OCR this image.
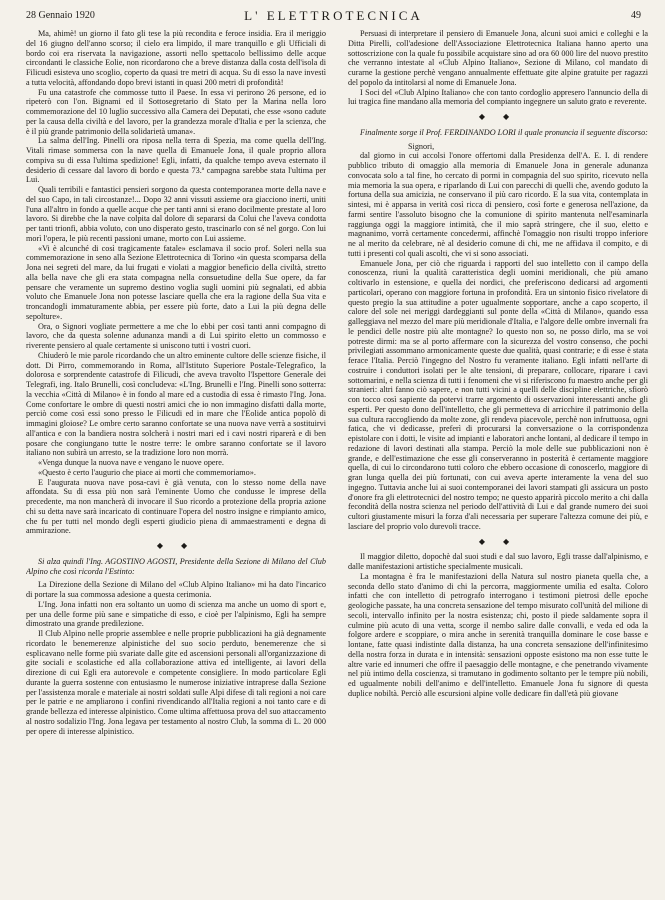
28 Gennaio 1920	L' ELETTROTECNICA	49

Ma, ahimè! un giorno il fato gli tese la più recondita e feroce insidia. Era il meriggio del 16 giugno dell'anno scorso; il cielo era limpido, il mare tranquillo e gli Ufficiali di bordo coi era riservata la navigazione, assorti nello spettacolo bellissimo delle acque circondanti le classiche Eolie, non ricordarono che a breve distanza dalla costa dell'isola di Filicudi esisteva uno scoglio, coperto da quasi tre metri di acqua. Su di esso la nave investì a tutta velocità, affondando dopo brevi istanti in quasi 200 metri di profondità!

Fu una catastrofe che commosse tutto il Paese. In essa vi perirono 26 persone, ed io ripeterò con l'on. Bignami ed il Sottosegretario di Stato per la Marina nella loro commemorazione del 10 luglio successivo alla Camera dei Deputati, che esse «sono cadute per la causa della civiltà e del lavoro, per la grandezza morale d'Italia e per la scienza, che è il più grande patrimonio della solidarietà umana».

La salma dell'Ing. Pinelli ora riposa nella terra di Spezia, ma come quella dell'Ing. Vitali rimase sommersa con la nave quella di Emanuele Jona, il quale proprio allora compiva su di essa l'ultima spedizione! Egli, infatti, da qualche tempo aveva esternato il desiderio di cessare dal lavoro di bordo e questa 73.ª campagna sarebbe stata l'ultima per Lui.

Quali terribili e fantastici pensieri sorgono da questa contemporanea morte della nave e del suo Capo, in tali circostanze!... Dopo 32 anni vissuti assieme ora giacciono inerti, uniti l'una all'altro in fondo a quelle acque che per tanti anni si erano docilmente prestate al loro lavoro. Si direbbe che la nave colpita dal dolore di separarsi da Colui che l'aveva condotta per tanti trionfi, abbia voluto, con uno disperato gesto, trascinarlo con sé nel gorgo. Con lui morì l'opera, le più recenti passioni umane, morto con Lui assieme.

«Vi è alcunché di così tragicamente fatale» esclamava il socio prof. Soleri nella sua commemorazione in seno alla Sezione Elettrotecnica di Torino «in questa scomparsa della Jona nei segreti del mare, da lui frugati e violati a maggior beneficio della civiltà, stretto alla bella nave che gli era stata compagna nella consuetudine della Sue opere, da far pensare che veramente un supremo destino voglia sugli uomini più segnalati, ed abbia voluto che Emanuele Jona non potesse lasciare quella che era la ragione della Sua vita e troncandogli immaturamente abbia, per essere più forte, dato a Lui la più degna delle sepolture».

Ora, o Signori vogliate permettere a me che lo ebbi per così tanti anni compagno di lavoro, che da questa solenne adunanza mandi a di Lui spirito eletto un commosso e riverente pensiero al quale certamente si uniscono tutti i vostri cuori.

Chiuderò le mie parole ricordando che un altro eminente cultore delle scienze fisiche, il dott. Di Pirro, commemorando in Roma, all'Istituto Superiore Postale-Telegrafico, la dolorosa e sorprendente catastrofe di Filicudi, che aveva travolto l'Ispettore Generale dei Telegrafi, ing. Italo Brunelli, così concludeva: «L'Ing. Brunelli e l'Ing. Pinelli sono sotterra: la vecchia «Città di Milano» è in fondo al mare ed a custodia di essa è rimasto l'Ing. Jona. Come confortare le ombre di questi nostri amici che io non immagino disfatti dalla morte, perciò come così essi sono presso le Filicudi ed in mare che l'Eolide antica popolò di immagini gloiose? Le ombre certo saranno confortate se una nuova nave verrà a sostituirvi all'antica e con la bandiera nostra solcherà i nostri mari ed i cavi nostri riparerà e di ben posare che congiungano tutte le nostre terre: le ombre saranno confortate se il lavoro italiano non subirà un arresto, se la tradizione loro non morrà.

«Venga dunque la nuova nave e vengano le nuove opere.

«Questo è certo l'augurio che piace ai morti che commemoriamo».

E l'augurata nuova nave posa-cavi è già venuta, con lo stesso nome della nave affondata. Su di essa più non sarà l'eminente Uomo che condusse le imprese della precedente, ma non mancherà di invocare il Suo ricordo a protezione della propria azione chi su detta nave sarà incaricato di continuare l'opera del nostro insigne e rimpianto amico, che fu per tutti nel mondo degli esperti giudicio piena di ammaestramenti e degna di ammirazione.

◆ ◆

Si alza quindi l'Ing. AGOSTINO AGOSTI, Presidente della Sezione di Milano del Club Alpino che così ricorda l'Estinto:

La Direzione della Sezione di Milano del «Club Alpino Italiano» mi ha dato l'incarico di portare la sua commossa adesione a questa cerimonia.

L'Ing. Jona infatti non era soltanto un uomo di scienza ma anche un uomo di sport e, per una delle forme più sane e simpatiche di esso, e cioè per l'alpinismo, Egli ha sempre dimostrato una grande predilezione.

Il Club Alpino nelle proprie assemblee e nelle proprie pubblicazioni ha già degnamente ricordato le benemerenze alpinistiche del suo socio perduto, benemerenze che si esplicavano nelle forme più svariate dalle gite ed ascensioni personali all'organizzazione di gite sociali e scolastiche ed alla collaborazione attiva ed intelligente, ai lavori della direzione di cui Egli era autorevole e competente consigliere. In modo particolare Egli durante la guerra sostenne con entusiasmo le numerose iniziative intraprese dalla Sezione per l'assistenza morale e materiale ai nostri soldati sulle Alpi difese di tali regioni a noi care per le patrie e ne ampliarono i confini rivendicando all'Italia regioni a noi tanto care e di grande bellezza ed interesse alpinistico. Come ultima affettuosa prova del suo attaccamento al nostro sodalizio l'Ing. Jona legava per testamento al nostro Club, la somma di L. 20 000 per opere di interesse alpinistico.

Persuasi di interpretare il pensiero di Emanuele Jona, alcuni suoi amici e colleghi e la Ditta Pirelli, coll'adesione dell'Associazione Elettrotecnica Italiana hanno aperto una sottoscrizione con la quale fu possibile acquistare sino ad ora 60 000 lire del nuovo prestito che verranno intestate al «Club Alpino Italiano», Sezione di Milano, col mandato di curarne la gestione perchè vengano annualmente effettuate gite alpine gratuite per ragazzi del popolo da intitolarsi al nome di Emanuele Jona.

I Soci del «Club Alpino Italiano» che con tanto cordoglio appresero l'annuncio della di lui tragica fine mandano alla memoria del compianto ingegnere un saluto grato e reverente.

◆ ◆

Finalmente sorge il Prof. FERDINANDO LORI il quale pronuncia il seguente discorso:

Signori,

dal giorno in cui accolsi l'onore offertomi dalla Presidenza dell'A. E. I. di rendere pubblico tributo di omaggio alla memoria di Emanuele Jona in generale adunanza convocata solo a tal fine, ho cercato di pormi in compagnia del suo spirito, ricevuto nella mia memoria la sua opera, e riparlando di Lui con parecchi di quelli che, avendo goduto la fortuna della sua amicizia, ne conservano il più caro ricordo. E la sua vita, contemplata in sintesi, mi è apparsa in verità così ricca di pensiero, così forte e generosa nell'azione, da farmi sentire l'assoluto bisogno che la comunione di spirito mantenuta nell'esaminarla raggiunga oggi la maggiore intimità, che il mio saprà stringere, che il suo, eletto e magnanimo, vorrà certamente concedermi, affinchè l'omaggio non risulti troppo inferiore ne al merito da celebrare, nè al desiderio comune di chi, me ne affidava il compito, e di tutti i presenti col quali ascolti, che vi si sono associati.

Emanuele Jona, per ciò che riguarda i rapporti del suo intelletto con il campo della conoscenza, riunì la qualità caratteristica degli uomini meridionali, che più amano coltivarlo in estensione, e quella dei nordici, che preferiscono dedicarsi ad argomenti particolari, operano con maggiore fortuna in profondità. Era un sintonio fisico rivelatore di questo pregio la sua attitudine a poter ugualmente sopportare, anche a capo scoperto, il calore del sole nei meriggi dardeggianti sul ponte della «Città di Milano», quando essa galleggiava nel mezzo del mare più meridionale d'Italia, e l'algore delle ombre invernali fra le pendici delle nostre più alte montagne? Io questo non so, ne posso dirlo, ma se voi potreste dirmi: ma se al porto affermare con la sicurezza del vostro consenso, che pochi privilegiati assommano armonicamente queste due qualità, quasi contrarie; e di esse è stata ferace l'Italia. Perciò l'ingegno del Nostro fu veramente italiano. Egli infatti nell'arte di costruire i conduttori isolati per le alte tensioni, di preparare, collocare, riparare i cavi sottomarini, e nella scienza di tutti i fenomeni che vi si riferiscono fu maestro anche per gli stranieri: altri fanno ciò sapere, e non tutti vicini a quelli delle discipline elettriche, sfiorò con tocco così sapiente da potervi trarre argomento di osservazioni interessanti anche gli esperti. Per questo dono dell'intelletto, che gli permetteva di arricchire il patrimonio della sua cultura raccogliendo da molte zone, gli rendeva piacevole, perchè non infruttuosa, ogni fatica, che vi dedicasse, preferì di procurarsi la conversazione o la corrispondenza epistolare con i dotti, le visite ad impianti e laboratori anche lontani, al dedicare il tempo in redazione di lavori destinati alla stampa. Perciò la mole delle sue pubblicazioni non è grande, e dell'estimazione che esse gli conserveranno in posterità è certamente maggiore quella, di cui lo circondarono tutti coloro che ebbero occasione di conoscerlo, maggiore di gran lunga quella dei più fortunati, con cui aveva aperte interamente la vena del suo ingegno. Tuttavia anche lui ai suoi contemporanei dei lavori stampati gli assicura un posto d'onore fra gli elettrotecnici del nostro tempo; ne questo apparirà piccolo merito a chi dalla fecondità della nostra scienza nel periodo dell'attività di Lui e dal grande numero dei suoi cultori giustamente misuri la forza d'ali necessaria per superare l'altezza comune dei più, e lasciare del proprio volo durevoli tracce.

◆ ◆

Il maggior diletto, dopochè dal suoi studi e dal suo lavoro, Egli trasse dall'alpinismo, e dalle manifestazioni artistiche specialmente musicali.

La montagna è fra le manifestazioni della Natura sul nostro pianeta quella che, a seconda dello stato d'animo di chi la percorra, maggiormente umilia ed esalta. Coloro infatti che con intelletto di petrografo interrogano i testimoni pietrosi delle epoche geologiche passate, ha una concreta sensazione del tempo misurato coll'unità del milione di secoli, intervallo infinito per la nostra esistenza; chi, posto il piede saldamente sopra il culmine più acuto di una vetta, scorge il nembo salire dalle convalli, e veda ed oda la folgore ardere e scoppiare, o mira anche in serenità tranquilla dominare le cose basse e lontane, fatte quasi indistinte dalla distanza, ha una concreta sensazione dell'infinitesimo della nostra forza in durata e in intensità: sensazioni opposte esistono ma non esse tutte le altre varie ed innumeri che offre il paesaggio delle montagne, e che penetrando vivamente nel più intimo della coscienza, si tramutano in godimento soltanto per le tempre più nobili, ed ugualmente nobili dell'animo e dell'intelletto. Emanuele Jona fu signore di questa duplice nobiltà. Perciò alle escursioni alpine volle dedicare fin dall'età più giovane
